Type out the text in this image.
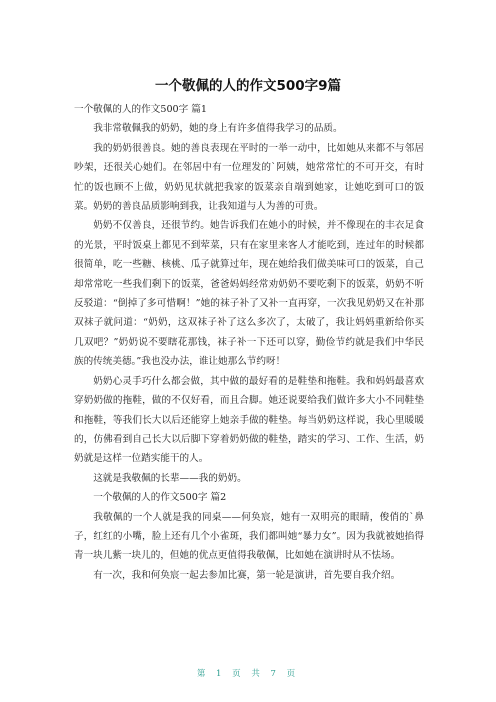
一个敬佩的人的作文500字9篇

一个敬佩的人的作文500字 篇1

我非常敬佩我的奶奶，她的身上有许多值得我学习的品质。

我的奶奶很善良。她的善良表现在平时的一举一动中，比如她从来都不与邻居吵架，还很关心她们。在邻居中有一位理发的`阿姨，她常常忙的不可开交，有时忙的饭也顾不上做，奶奶见状就把我家的饭菜亲自端到她家，让她吃到可口的饭菜。奶奶的善良品质影响到我，让我知道与人为善的可贵。

奶奶不仅善良，还很节约。她告诉我们在她小的时候，并不像现在的丰衣足食的光景，平时饭桌上都见不到荤菜，只有在家里来客人才能吃到，连过年的时候都很简单，吃一些糖、核桃、瓜子就算过年，现在她给我们做美味可口的饭菜，自己却常常吃一些我们剩下的饭菜，爸爸妈妈经常劝奶奶不要吃剩下的饭菜，奶奶不听反驳道：“倒掉了多可惜啊！”她的袜子补了又补一直再穿，一次我见奶奶又在补那双袜子就问道：“奶奶，这双袜子补了这么多次了，太破了，我让妈妈重新给你买几双吧？”奶奶说不要瞎花那钱，袜子补一下还可以穿，勤俭节约就是我们中华民族的传统美德。”我也没办法，谁让她那么节约呀！

奶奶心灵手巧什么都会做，其中做的最好看的是鞋垫和拖鞋。我和妈妈最喜欢穿奶奶做的拖鞋，做的不仅好看，而且合脚。她还说要给我们做许多大小不同鞋垫和拖鞋，等我们长大以后还能穿上她亲手做的鞋垫。每当奶奶这样说，我心里暖暖的，仿佛看到自己长大以后脚下穿着奶奶做的鞋垫，踏实的学习、工作、生活，奶奶就是这样一位踏实能干的人。

这就是我敬佩的长辈——我的奶奶。

一个敬佩的人的作文500字 篇2

我敬佩的一个人就是我的同桌——何奂宸，她有一双明亮的眼睛，俊俏的`鼻子，红红的小嘴，脸上还有几个小雀斑，我们都叫她“暴力女”。因为我就被她掐得青一块儿紫一块儿的，但她的优点更值得我敬佩，比如她在演讲时从不怯场。

有一次，我和何奂宸一起去参加比赛，第一轮是演讲，首先要自我介绍。

第 1 页 共 7 页
